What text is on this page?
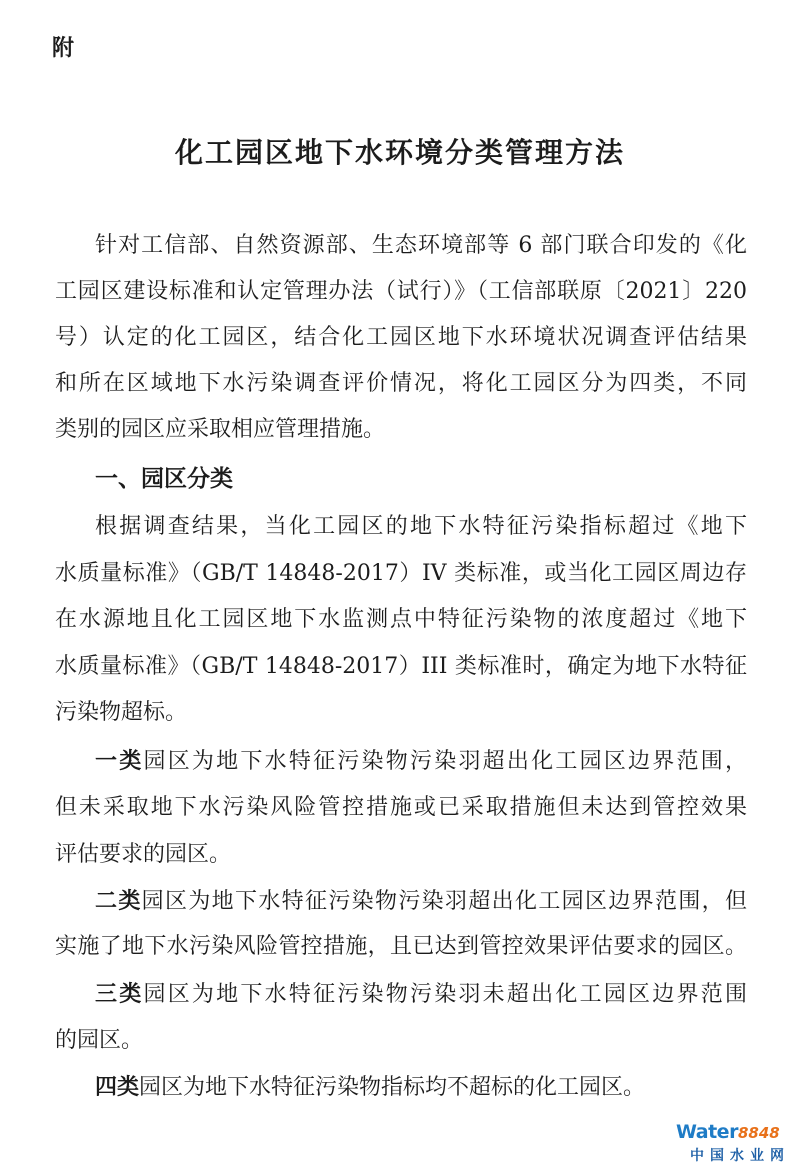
附
化工园区地下水环境分类管理方法
针对工信部、自然资源部、生态环境部等 6 部门联合印发的《化
工园区建设标准和认定管理办法（试行）》（工信部联原〔2021〕220
号）认定的化工园区，结合化工园区地下水环境状况调查评估结果
和所在区域地下水污染调查评价情况，将化工园区分为四类，不同
类别的园区应采取相应管理措施。
一、园区分类
根据调查结果，当化工园区的地下水特征污染指标超过《地下
水质量标准》（GB/T 14848-2017）IV 类标准，或当化工园区周边存
在水源地且化工园区地下水监测点中特征污染物的浓度超过《地下
水质量标准》（GB/T 14848-2017）III 类标准时，确定为地下水特征
污染物超标。
一类园区为地下水特征污染物污染羽超出化工园区边界范围，
但未采取地下水污染风险管控措施或已采取措施但未达到管控效果
评估要求的园区。
二类园区为地下水特征污染物污染羽超出化工园区边界范围，但
实施了地下水污染风险管控措施，且已达到管控效果评估要求的园区。
三类园区为地下水特征污染物污染羽未超出化工园区边界范围
的园区。
四类园区为地下水特征污染物指标均不超标的化工园区。
Water8848
中国水业网
